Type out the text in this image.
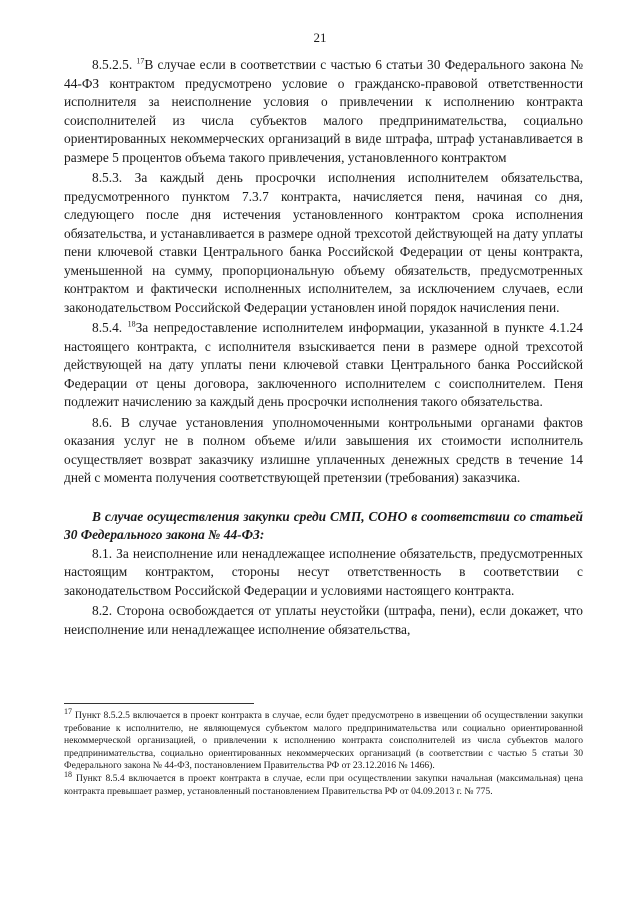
21

8.5.2.5. $^{17}$В случае если в соответствии с частью 6 статьи 30 Федерального закона № 44-ФЗ контрактом предусмотрено условие о гражданско-правовой ответственности исполнителя за неисполнение условия о привлечении к исполнению контракта соисполнителей из числа субъектов малого предпринимательства, социально ориентированных некоммерческих организаций в виде штрафа, штраф устанавливается в размере 5 процентов объема такого привлечения, установленного контрактом

8.5.3. За каждый день просрочки исполнения исполнителем обязательства, предусмотренного пунктом 7.3.7 контракта, начисляется пеня, начиная со дня, следующего после дня истечения установленного контрактом срока исполнения обязательства, и устанавливается в размере одной трехсотой действующей на дату уплаты пени ключевой ставки Центрального банка Российской Федерации от цены контракта, уменьшенной на сумму, пропорциональную объему обязательств, предусмотренных контрактом и фактически исполненных исполнителем, за исключением случаев, если законодательством Российской Федерации установлен иной порядок начисления пени.

8.5.4. $^{18}$За непредоставление исполнителем информации, указанной в пункте 4.1.24 настоящего контракта, с исполнителя взыскивается пени в размере одной трехсотой действующей на дату уплаты пени ключевой ставки Центрального банка Российской Федерации от цены договора, заключенного исполнителем с соисполнителем. Пеня подлежит начислению за каждый день просрочки исполнения такого обязательства.

8.6. В случае установления уполномоченными контрольными органами фактов оказания услуг не в полном объеме и/или завышения их стоимости исполнитель осуществляет возврат заказчику излишне уплаченных денежных средств в течение 14 дней с момента получения соответствующей претензии (требования) заказчика.

В случае осуществления закупки среди СМП, СОНО в соответствии со статьей 30 Федерального закона № 44-ФЗ:

8.1. За неисполнение или ненадлежащее исполнение обязательств, предусмотренных настоящим контрактом, стороны несут ответственность в соответствии с законодательством Российской Федерации и условиями настоящего контракта.

8.2. Сторона освобождается от уплаты неустойки (штрафа, пени), если докажет, что неисполнение или ненадлежащее исполнение обязательства,

$^{17}$ Пункт 8.5.2.5 включается в проект контракта в случае, если будет предусмотрено в извещении об осуществлении закупки требование к исполнителю, не являющемуся субъектом малого предпринимательства или социально ориентированной некоммерческой организацией, о привлечении к исполнению контракта соисполнителей из числа субъектов малого предпринимательства, социально ориентированных некоммерческих организаций (в соответствии с частью 5 статьи 30 Федерального закона № 44-ФЗ, постановлением Правительства РФ от 23.12.2016 № 1466).

$^{18}$ Пункт 8.5.4 включается в проект контракта в случае, если при осуществлении закупки начальная (максимальная) цена контракта превышает размер, установленный постановлением Правительства РФ от 04.09.2013 г. № 775.
